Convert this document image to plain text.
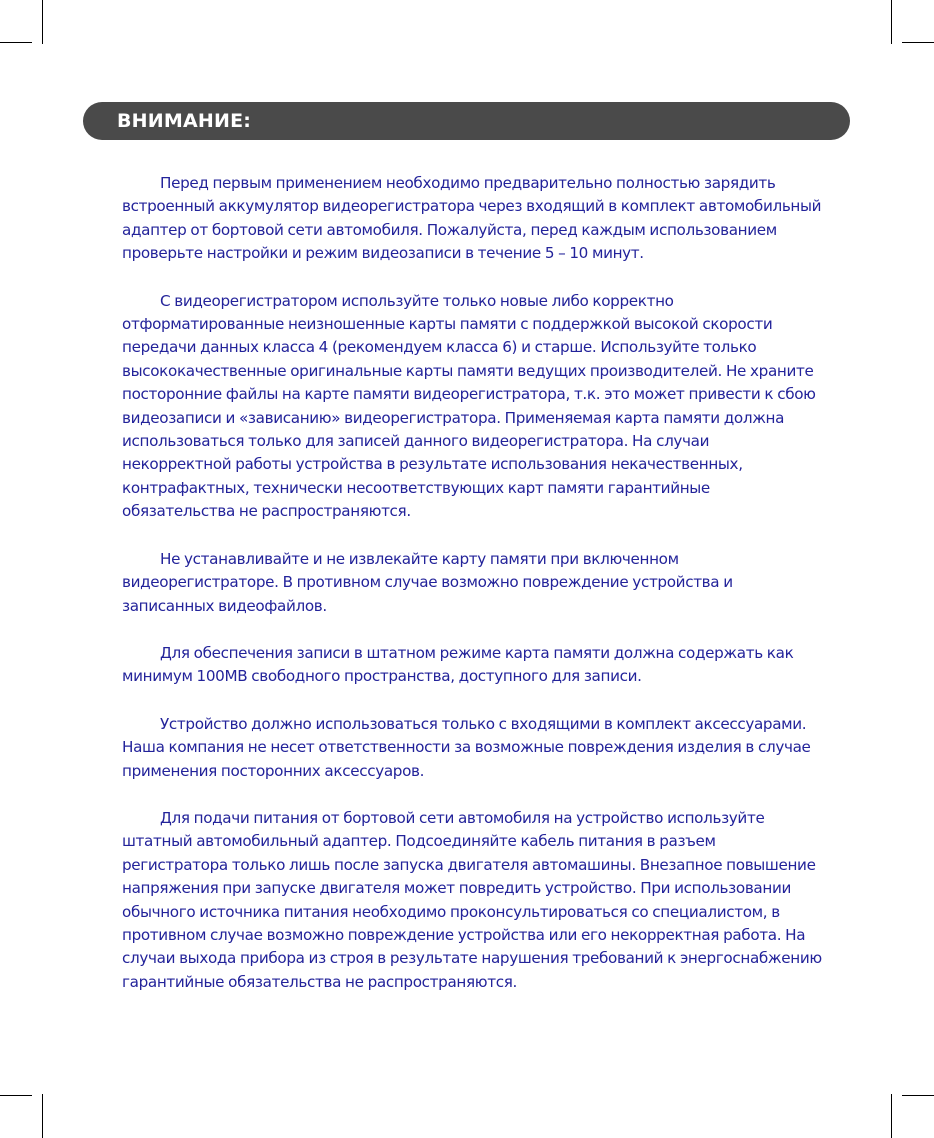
ВНИМАНИЕ:

Перед первым применением необходимо предварительно полностью зарядить встроенный аккумулятор видеорегистратора через входящий в комплект автомобильный адаптер от бортовой сети автомобиля. Пожалуйста, перед каждым использованием проверьте настройки и режим видеозаписи в течение 5 – 10 минут.

С видеорегистратором используйте только новые либо корректно отформатированные неизношенные карты памяти с поддержкой высокой скорости передачи данных класса 4 (рекомендуем класса 6) и старше. Используйте только высококачественные оригинальные карты памяти ведущих производителей. Не храните посторонние файлы на карте памяти видеорегистратора, т.к. это может привести к сбою видеозаписи и «зависанию» видеорегистратора. Применяемая карта памяти должна использоваться только для записей данного видеорегистратора. На случаи некорректной работы устройства в результате использования некачественных, контрафактных, технически несоответствующих карт памяти гарантийные обязательства не распространяются.

Не устанавливайте и не извлекайте карту памяти при включенном видеорегистраторе. В противном случае возможно повреждение устройства и записанных видеофайлов.

Для обеспечения записи в штатном режиме карта памяти должна содержать как минимум 100MB свободного пространства, доступного для записи.

Устройство должно использоваться только с входящими в комплект аксессуарами. Наша компания не несет ответственности за возможные повреждения изделия в случае применения посторонних аксессуаров.

Для подачи питания от бортовой сети автомобиля на устройство используйте штатный автомобильный адаптер. Подсоединяйте кабель питания в разъем регистратора только лишь после запуска двигателя автомашины. Внезапное повышение напряжения при запуске двигателя может повредить устройство. При использовании обычного источника питания необходимо проконсультироваться со специалистом, в противном случае возможно повреждение устройства или его некорректная работа. На случаи выхода прибора из строя в результате нарушения требований к энергоснабжению гарантийные обязательства не распространяются.
